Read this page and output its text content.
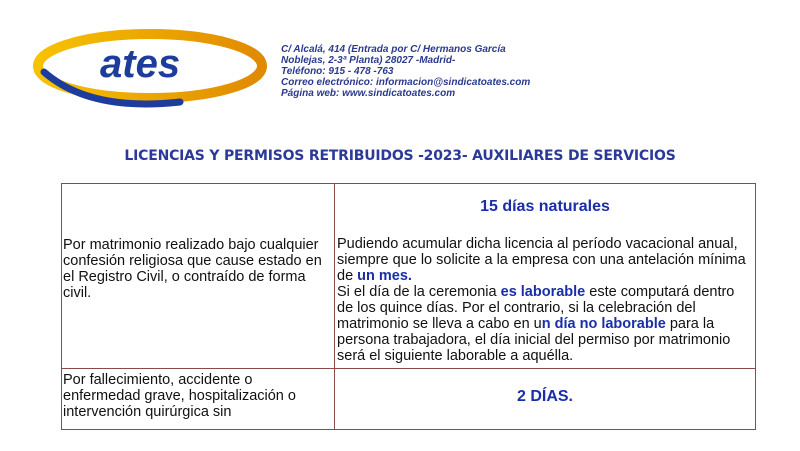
ates	C/ Alcalá, 414 (Entrada por C/ Hermanos García
Noblejas, 2-3ª Planta) 28027 -Madrid-
Teléfono: 915 - 478 -763
Correo electrónico: informacion@sindicatoates.com
Página web: www.sindicatoates.com
LICENCIAS Y PERMISOS RETRIBUIDOS -2023- AUXILIARES DE SERVICIOS
Por matrimonio realizado bajo cualquier confesión religiosa que cause estado en el Registro Civil, o contraído de forma civil.	15 días naturales
Pudiendo acumular dicha licencia al período vacacional anual, siempre que lo solicite a la empresa con una antelación mínima de un mes.
Si el día de la ceremonia es laborable este computará dentro de los quince días. Por el contrario, si la celebración del matrimonio se lleva a cabo en un día no laborable para la persona trabajadora, el día inicial del permiso por matrimonio será el siguiente laborable a aquélla.

Por fallecimiento, accidente o enfermedad grave, hospitalización o intervención quirúrgica sin	2 DÍAS.
